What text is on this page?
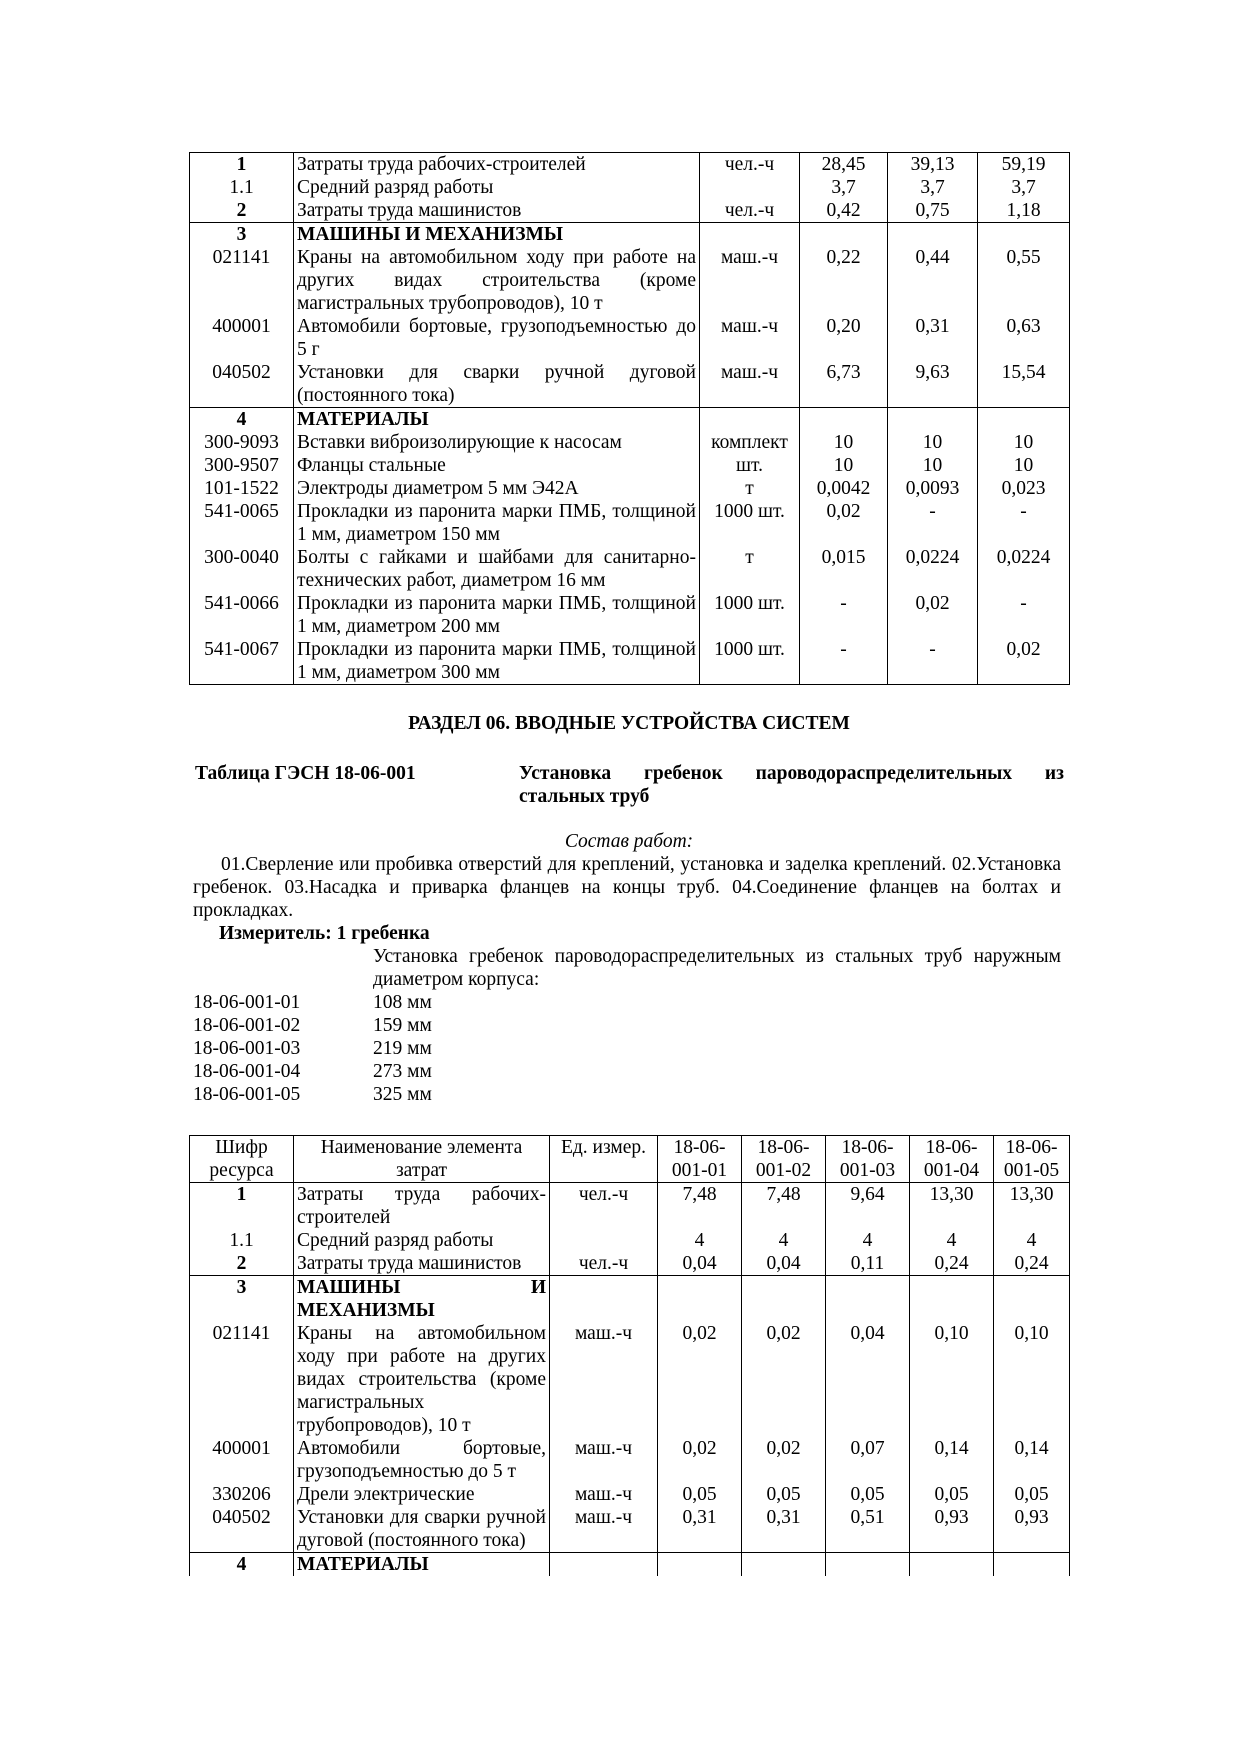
1	Затраты труда рабочих-строителей	чел.-ч	28,45	39,13	59,19
1.1	Средний разряд работы		3,7	3,7	3,7
2	Затраты труда машинистов	чел.-ч	0,42	0,75	1,18
3	МАШИНЫ И МЕХАНИЗМЫ				
021141	Краны на автомобильном ходу при работе на других видах строительства (кроме магистральных трубопроводов), 10 т	маш.-ч	0,22	0,44	0,55
400001	Автомобили бортовые, грузоподъемностью до 5 г	маш.-ч	0,20	0,31	0,63
040502	Установки для сварки ручной дуговой (постоянного тока)	маш.-ч	6,73	9,63	15,54
4	МАТЕРИАЛЫ				
300-9093	Вставки виброизолирующие к насосам	комплект	10	10	10
300-9507	Фланцы стальные	шт.	10	10	10
101-1522	Электроды диаметром 5 мм Э42А	т	0,0042	0,0093	0,023
541-0065	Прокладки из паронита марки ПМБ, толщиной 1 мм, диаметром 150 мм	1000 шт.	0,02	-	-
300-0040	Болты с гайками и шайбами для санитарно-технических работ, диаметром 16 мм	т	0,015	0,0224	0,0224
541-0066	Прокладки из паронита марки ПМБ, толщиной 1 мм, диаметром 200 мм	1000 шт.	-	0,02	-
541-0067	Прокладки из паронита марки ПМБ, толщиной 1 мм, диаметром 300 мм	1000 шт.	-	-	0,02
РАЗДЕЛ 06. ВВОДНЫЕ УСТРОЙСТВА СИСТЕМ
Таблица ГЭСН 18-06-001	Установка гребенок пароводораспределительных из стальных труб
Состав работ:
01.Сверление или пробивка отверстий для креплений, установка и заделка креплений. 02.Установка гребенок. 03.Насадка и приварка фланцев на концы труб. 04.Соединение фланцев на болтах и прокладках.
Измеритель: 1 гребенка
Установка гребенок пароводораспределительных из стальных труб наружным диаметром корпуса:
18-06-001-01	108 мм
18-06-001-02	159 мм
18-06-001-03	219 мм
18-06-001-04	273 мм
18-06-001-05	325 мм
Шифр ресурса	Наименование элемента затрат	Ед. измер.	18-06-001-01	18-06-001-02	18-06-001-03	18-06-001-04	18-06-001-05
1	Затраты труда рабочих-строителей	чел.-ч	7,48	7,48	9,64	13,30	13,30
1.1	Средний разряд работы		4	4	4	4	4
2	Затраты труда машинистов	чел.-ч	0,04	0,04	0,11	0,24	0,24
3	МАШИНЫ И МЕХАНИЗМЫ						
021141	Краны на автомобильном ходу при работе на других видах строительства (кроме магистральных трубопроводов), 10 т	маш.-ч	0,02	0,02	0,04	0,10	0,10
400001	Автомобили бортовые, грузоподъемностью до 5 т	маш.-ч	0,02	0,02	0,07	0,14	0,14
330206	Дрели электрические	маш.-ч	0,05	0,05	0,05	0,05	0,05
040502	Установки для сварки ручной дуговой (постоянного тока)	маш.-ч	0,31	0,31	0,51	0,93	0,93
4	МАТЕРИАЛЫ						
